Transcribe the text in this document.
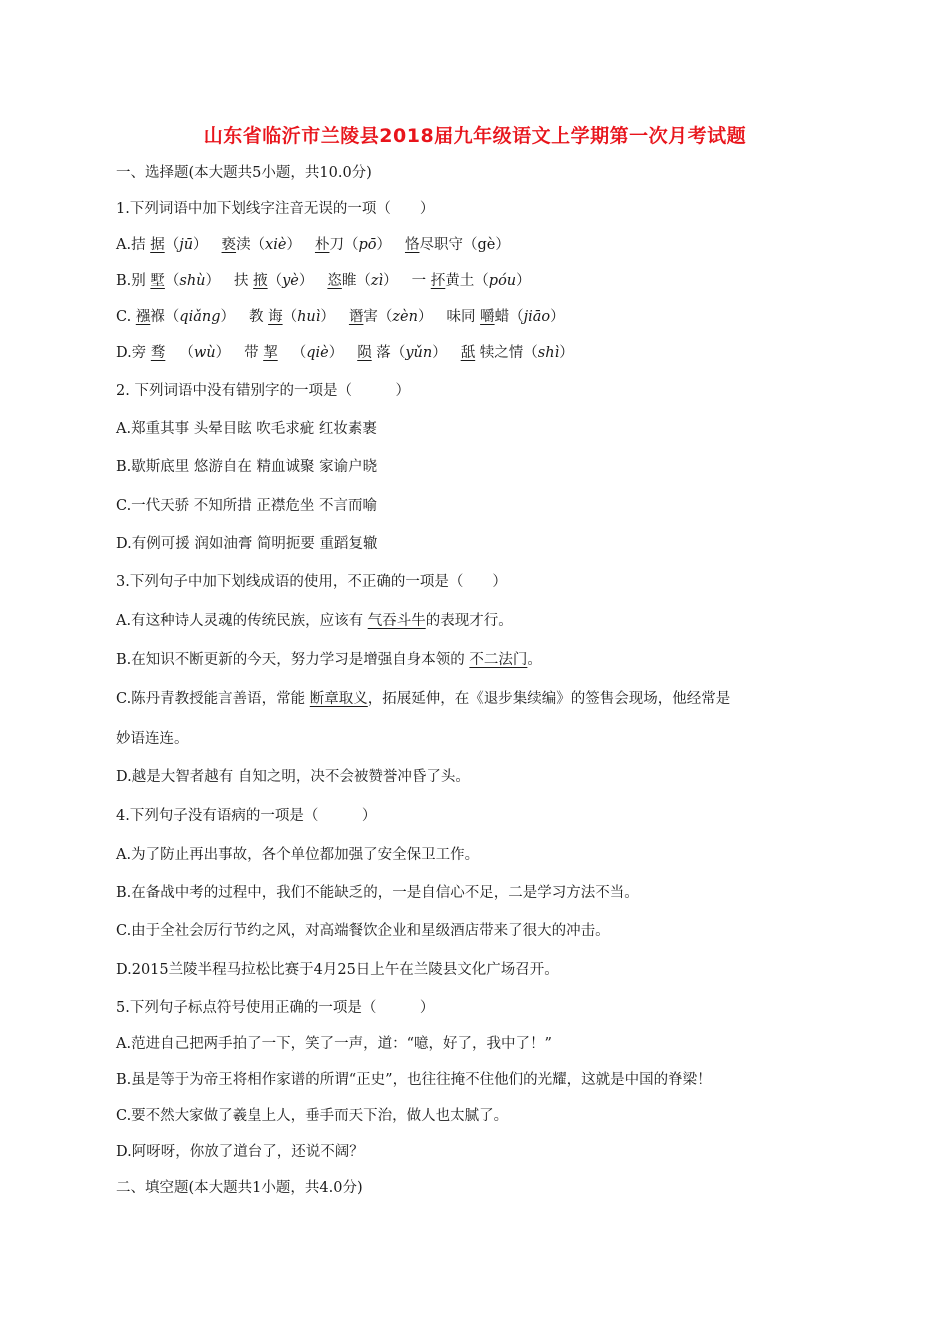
山东省临沂市兰陵县2018届九年级语文上学期第一次月考试题
一、选择题(本大题共5小题，共10.0分)
1.下列词语中加下划线字注音无误的一项（　　）
A.拮 据（jū） 亵渎（xiè） 朴刀（pō） 恪尽职守（gè）
B.别 墅（shù） 扶 掖（yè） 恣睢（zì） 一 抔黄土（póu）
C. 襁褓（qiǎng） 教 诲（huì） 谮害（zèn） 味同 嚼蜡（jiāo）
D.旁 骛 （wù） 带 挈 （qiè） 陨 落（yǔn） 舐 犊之情（shì）
2. 下列词语中没有错别字的一项是（　　　）
A.郑重其事 头晕目眩 吹毛求疵 红妆素裹
B.歇斯底里 悠游自在 精血诚聚 家谕户晓
C.一代天骄 不知所措 正襟危坐 不言而喻
D.有例可援 润如油膏 简明扼要 重蹈复辙
3.下列句子中加下划线成语的使用，不正确的一项是（　　）
A.有这种诗人灵魂的传统民族，应该有 气吞斗牛的表现才行。
B.在知识不断更新的今天，努力学习是增强自身本领的 不二法门。
C.陈丹青教授能言善语，常能 断章取义，拓展延伸，在《退步集续编》的签售会现场，他经常是
妙语连连。
D.越是大智者越有 自知之明，决不会被赞誉冲昏了头。
4.下列句子没有语病的一项是（　　　）
A.为了防止再出事故，各个单位都加强了安全保卫工作。
B.在备战中考的过程中，我们不能缺乏的，一是自信心不足，二是学习方法不当。
C.由于全社会厉行节约之风，对高端餐饮企业和星级酒店带来了很大的冲击。
D.2015兰陵半程马拉松比赛于4月25日上午在兰陵县文化广场召开。
5.下列句子标点符号使用正确的一项是（　　　）
A.范进自己把两手拍了一下，笑了一声，道：“噫，好了，我中了！”
B.虽是等于为帝王将相作家谱的所谓“正史”，也往往掩不住他们的光耀，这就是中国的脊梁！
C.要不然大家做了羲皇上人，垂手而天下治，做人也太腻了。
D.阿呀呀，你放了道台了，还说不阔？
二、填空题(本大题共1小题，共4.0分)
